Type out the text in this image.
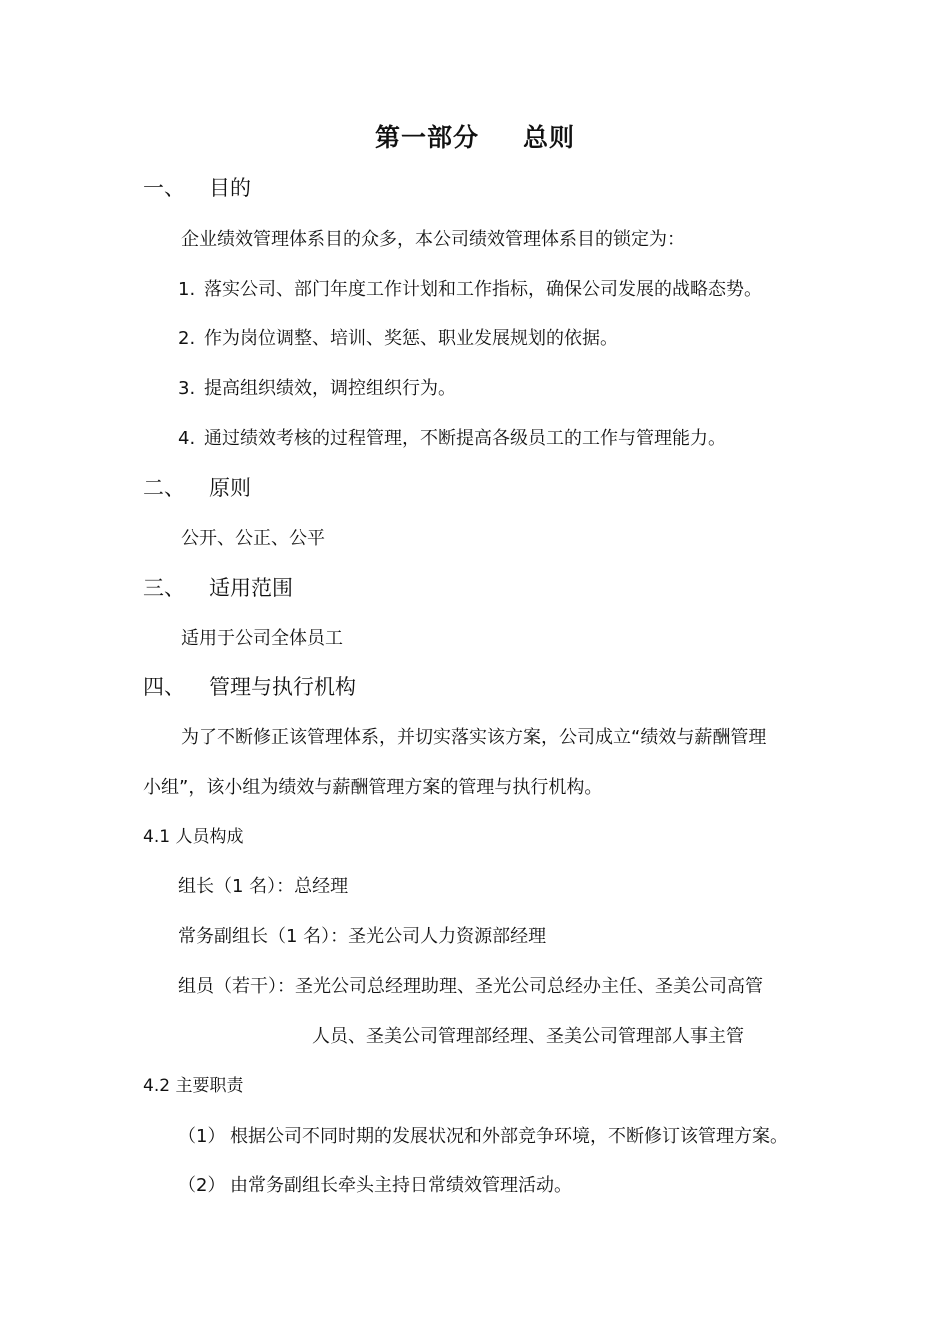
第一部分 总则
一、 目的
企业绩效管理体系目的众多，本公司绩效管理体系目的锁定为：
1. 落实公司、部门年度工作计划和工作指标，确保公司发展的战略态势。
2. 作为岗位调整、培训、奖惩、职业发展规划的依据。
3. 提高组织绩效，调控组织行为。
4. 通过绩效考核的过程管理，不断提高各级员工的工作与管理能力。
二、 原则
公开、公正、公平
三、 适用范围
适用于公司全体员工
四、 管理与执行机构
为了不断修正该管理体系，并切实落实该方案，公司成立“绩效与薪酬管理
小组”，该小组为绩效与薪酬管理方案的管理与执行机构。
4.1 人员构成
组长（1 名）：总经理
常务副组长（1 名）：圣光公司人力资源部经理
组员（若干）：圣光公司总经理助理、圣光公司总经办主任、圣美公司高管
人员、圣美公司管理部经理、圣美公司管理部人事主管
4.2 主要职责
（1） 根据公司不同时期的发展状况和外部竞争环境，不断修订该管理方案。
（2） 由常务副组长牵头主持日常绩效管理活动。
